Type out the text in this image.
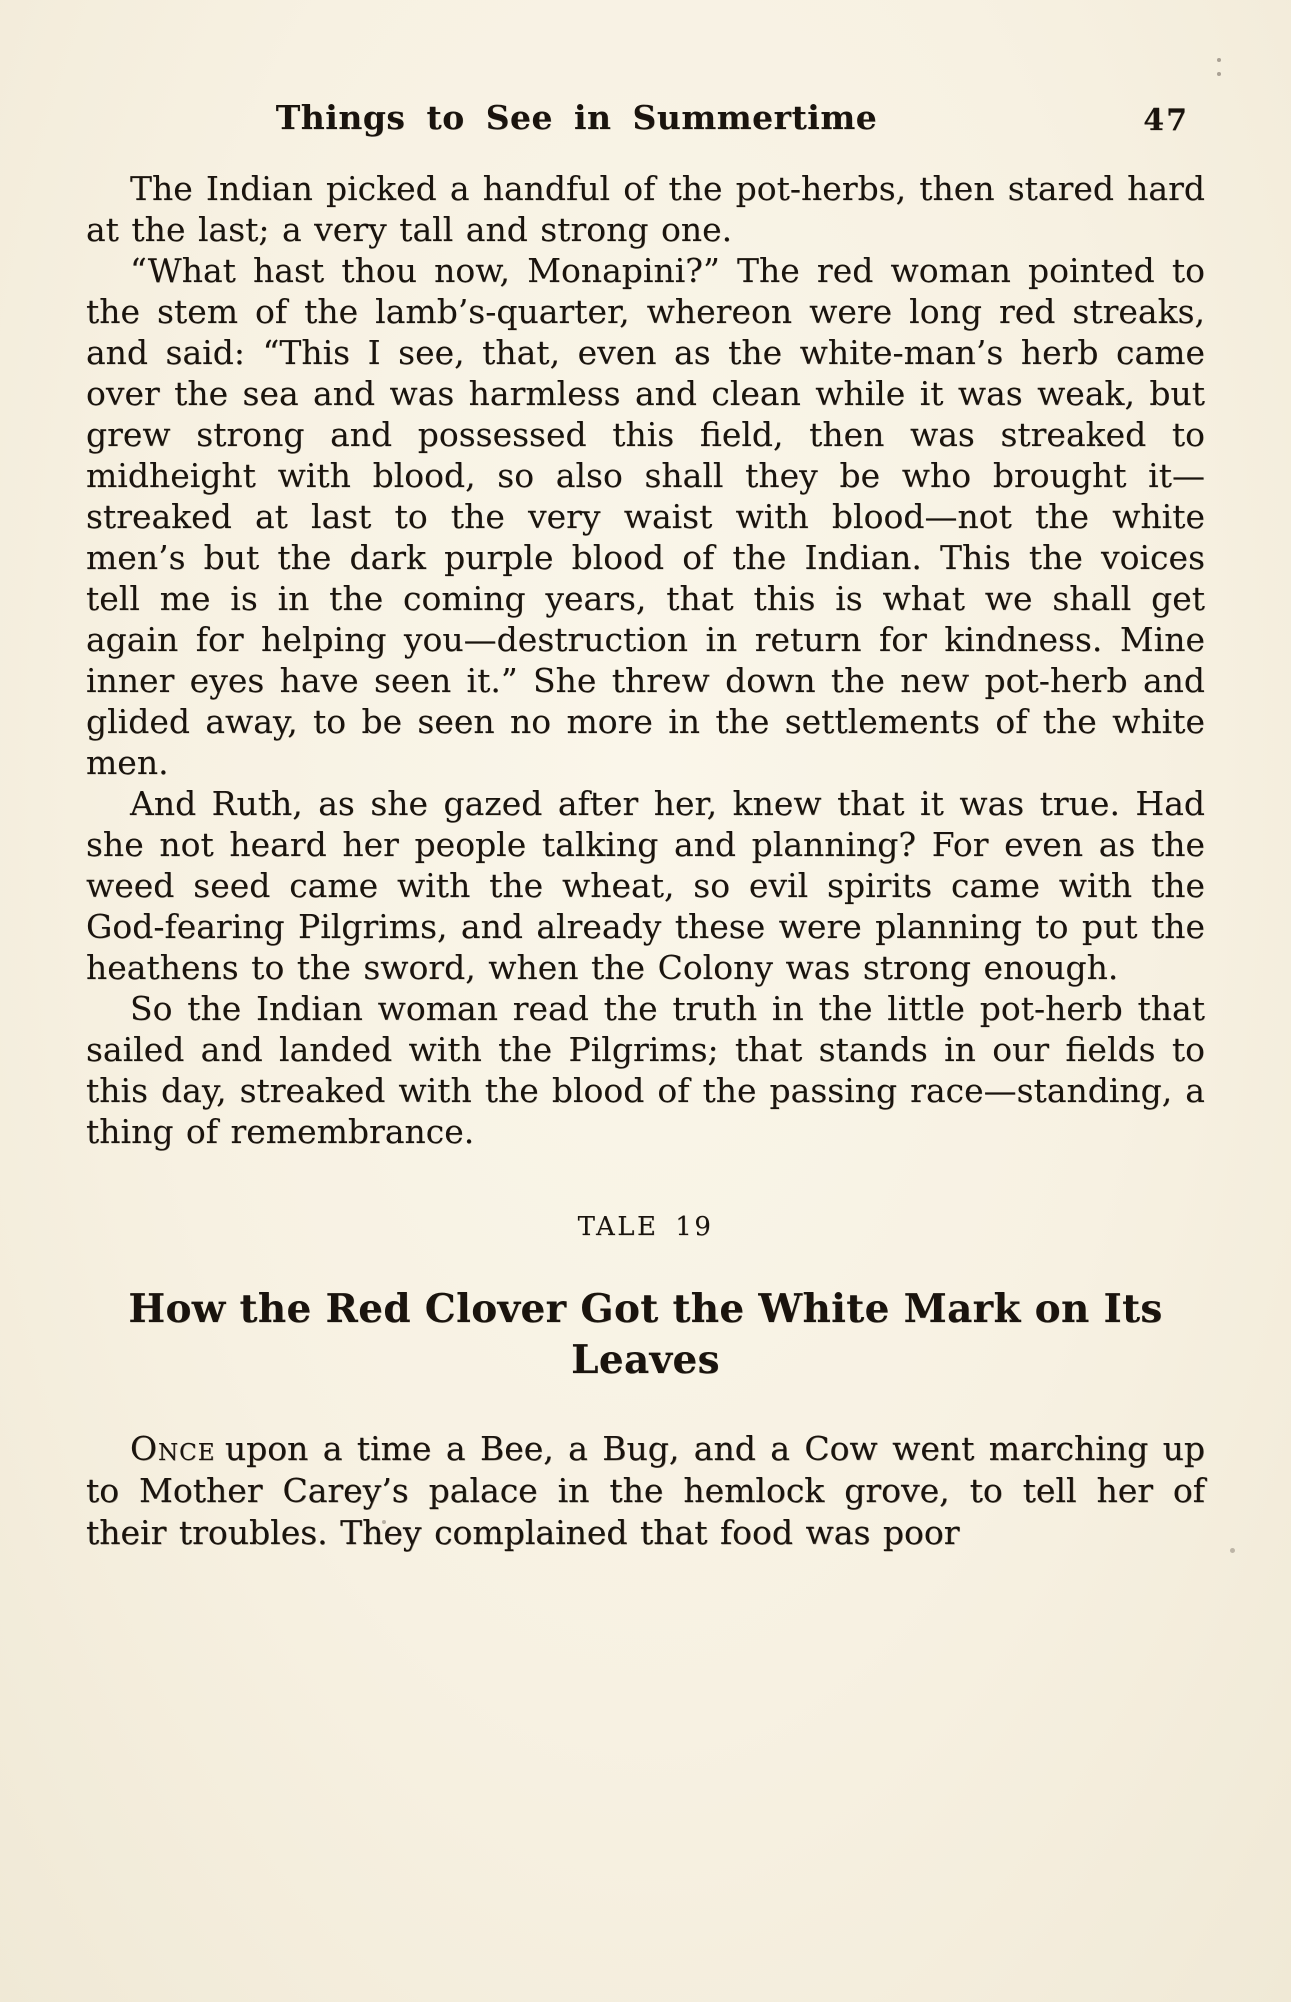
Things to See in Summertime	47

The Indian picked a handful of the pot-herbs, then stared hard at the last; a very tall and strong one.

“What hast thou now, Monapini?” The red woman pointed to the stem of the lamb’s-quarter, whereon were long red streaks, and said: “This I see, that, even as the white-man’s herb came over the sea and was harmless and clean while it was weak, but grew strong and possessed this field, then was streaked to midheight with blood, so also shall they be who brought it—streaked at last to the very waist with blood—not the white men’s but the dark purple blood of the Indian. This the voices tell me is in the coming years, that this is what we shall get again for helping you—destruction in return for kindness. Mine inner eyes have seen it.” She threw down the new pot-herb and glided away, to be seen no more in the settlements of the white men.

And Ruth, as she gazed after her, knew that it was true. Had she not heard her people talking and planning? For even as the weed seed came with the wheat, so evil spirits came with the God-fearing Pilgrims, and already these were planning to put the heathens to the sword, when the Colony was strong enough.

So the Indian woman read the truth in the little pot-herb that sailed and landed with the Pilgrims; that stands in our fields to this day, streaked with the blood of the passing race—standing, a thing of remembrance.

TALE 19
How the Red Clover Got the White Mark on Its Leaves

Once upon a time a Bee, a Bug, and a Cow went marching up to Mother Carey’s palace in the hemlock grove, to tell her of their troubles. They complained that food was poor
